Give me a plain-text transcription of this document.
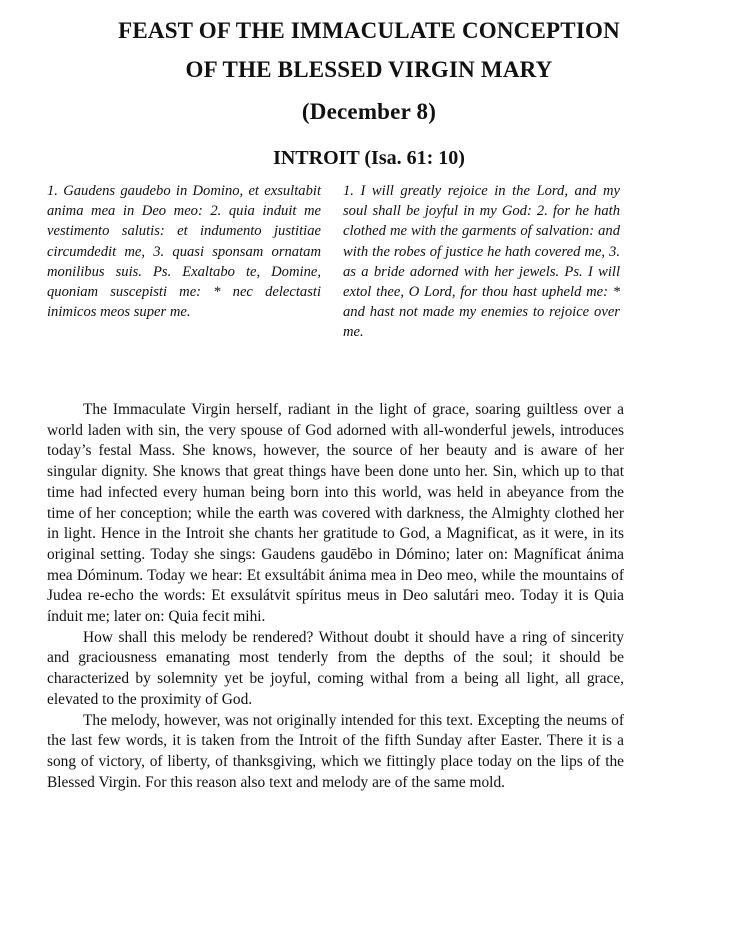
FEAST OF THE IMMACULATE CONCEPTION
OF THE BLESSED VIRGIN MARY
(December 8)
INTROIT (Isa. 61: 10)
1. Gaudens gaudebo in Domino, et exsultabit anima mea in Deo meo: 2. quia induit me vestimento salutis: et indumento justitiae circumdedit me, 3. quasi sponsam ornatam monilibus suis. Ps. Exaltabo te, Domine, quoniam suscepisti me: * nec delectasti inimicos meos super me.
1. I will greatly rejoice in the Lord, and my soul shall be joyful in my God: 2. for he hath clothed me with the garments of salvation: and with the robes of justice he hath covered me, 3. as a bride adorned with her jewels. Ps. I will extol thee, O Lord, for thou hast upheld me: * and hast not made my enemies to rejoice over me.

The Immaculate Virgin herself, radiant in the light of grace, soaring guiltless over a world laden with sin, the very spouse of God adorned with all-wonderful jewels, introduces today’s festal Mass. She knows, however, the source of her beauty and is aware of her singular dignity. She knows that great things have been done unto her. Sin, which up to that time had infected every human being born into this world, was held in abeyance from the time of her conception; while the earth was covered with darkness, the Almighty clothed her in light. Hence in the Introit she chants her gratitude to God, a Magnificat, as it were, in its original setting. Today she sings: Gaudens gaudēbo in Dómino; later on: Magníficat ánima mea Dóminum. Today we hear: Et exsultábit ánima mea in Deo meo, while the mountains of Judea re-echo the words: Et exsulátvit spíritus meus in Deo salutári meo. Today it is Quia índuit me; later on: Quia fecit mihi.

How shall this melody be rendered? Without doubt it should have a ring of sincerity and graciousness emanating most tenderly from the depths of the soul; it should be characterized by solemnity yet be joyful, coming withal from a being all light, all grace, elevated to the proximity of God.

The melody, however, was not originally intended for this text. Excepting the neums of the last few words, it is taken from the Introit of the fifth Sunday after Easter. There it is a song of victory, of liberty, of thanksgiving, which we fittingly place today on the lips of the Blessed Virgin. For this reason also text and melody are of the same mold.
